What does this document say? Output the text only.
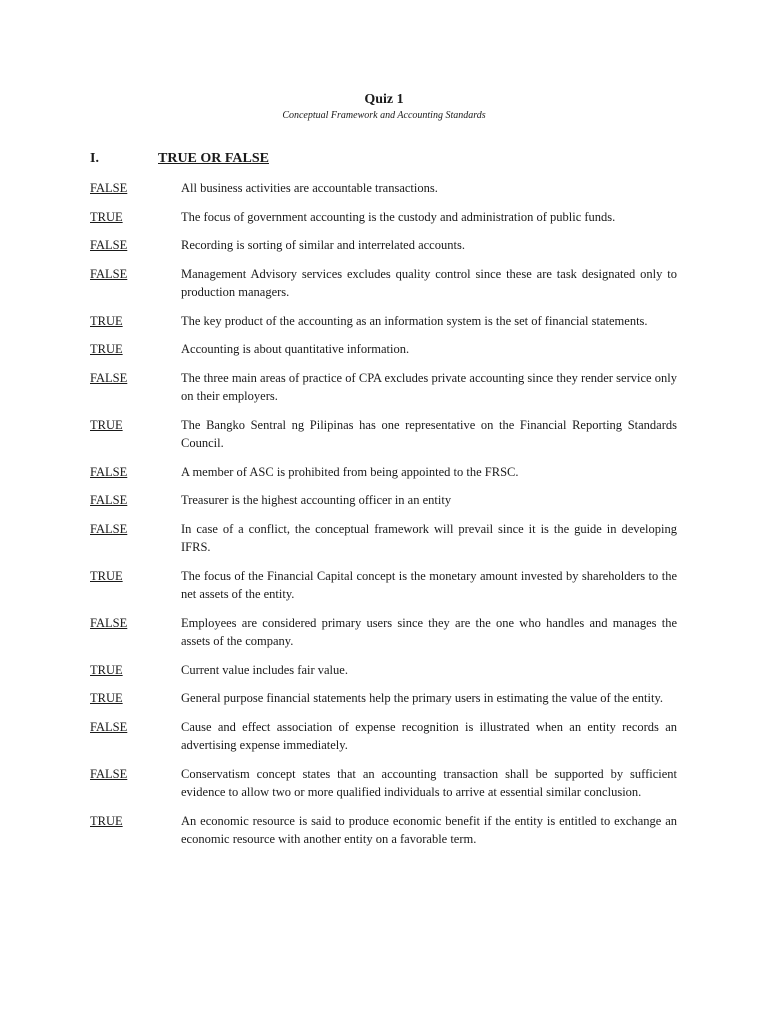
Quiz 1
Conceptual Framework and Accounting Standards
I.	TRUE OR FALSE
FALSE	All business activities are accountable transactions.
TRUE	The focus of government accounting is the custody and administration of public funds.
FALSE	Recording is sorting of similar and interrelated accounts.
FALSE	Management Advisory services excludes quality control since these are task designated only to production managers.
TRUE	The key product of the accounting as an information system is the set of financial statements.
TRUE	Accounting is about quantitative information.
FALSE	The three main areas of practice of CPA excludes private accounting since they render service only on their employers.
TRUE	The Bangko Sentral ng Pilipinas has one representative on the Financial Reporting Standards Council.
FALSE	A member of ASC is prohibited from being appointed to the FRSC.
FALSE	Treasurer is the highest accounting officer in an entity
FALSE	In case of a conflict, the conceptual framework will prevail since it is the guide in developing IFRS.
TRUE	The focus of the Financial Capital concept is the monetary amount invested by shareholders to the net assets of the entity.
FALSE	Employees are considered primary users since they are the one who handles and manages the assets of the company.
TRUE	Current value includes fair value.
TRUE	General purpose financial statements help the primary users in estimating the value of the entity.
FALSE	Cause and effect association of expense recognition is illustrated when an entity records an advertising expense immediately.
FALSE	Conservatism concept states that an accounting transaction shall be supported by sufficient evidence to allow two or more qualified individuals to arrive at essential similar conclusion.
TRUE	An economic resource is said to produce economic benefit if the entity is entitled to exchange an economic resource with another entity on a favorable term.
